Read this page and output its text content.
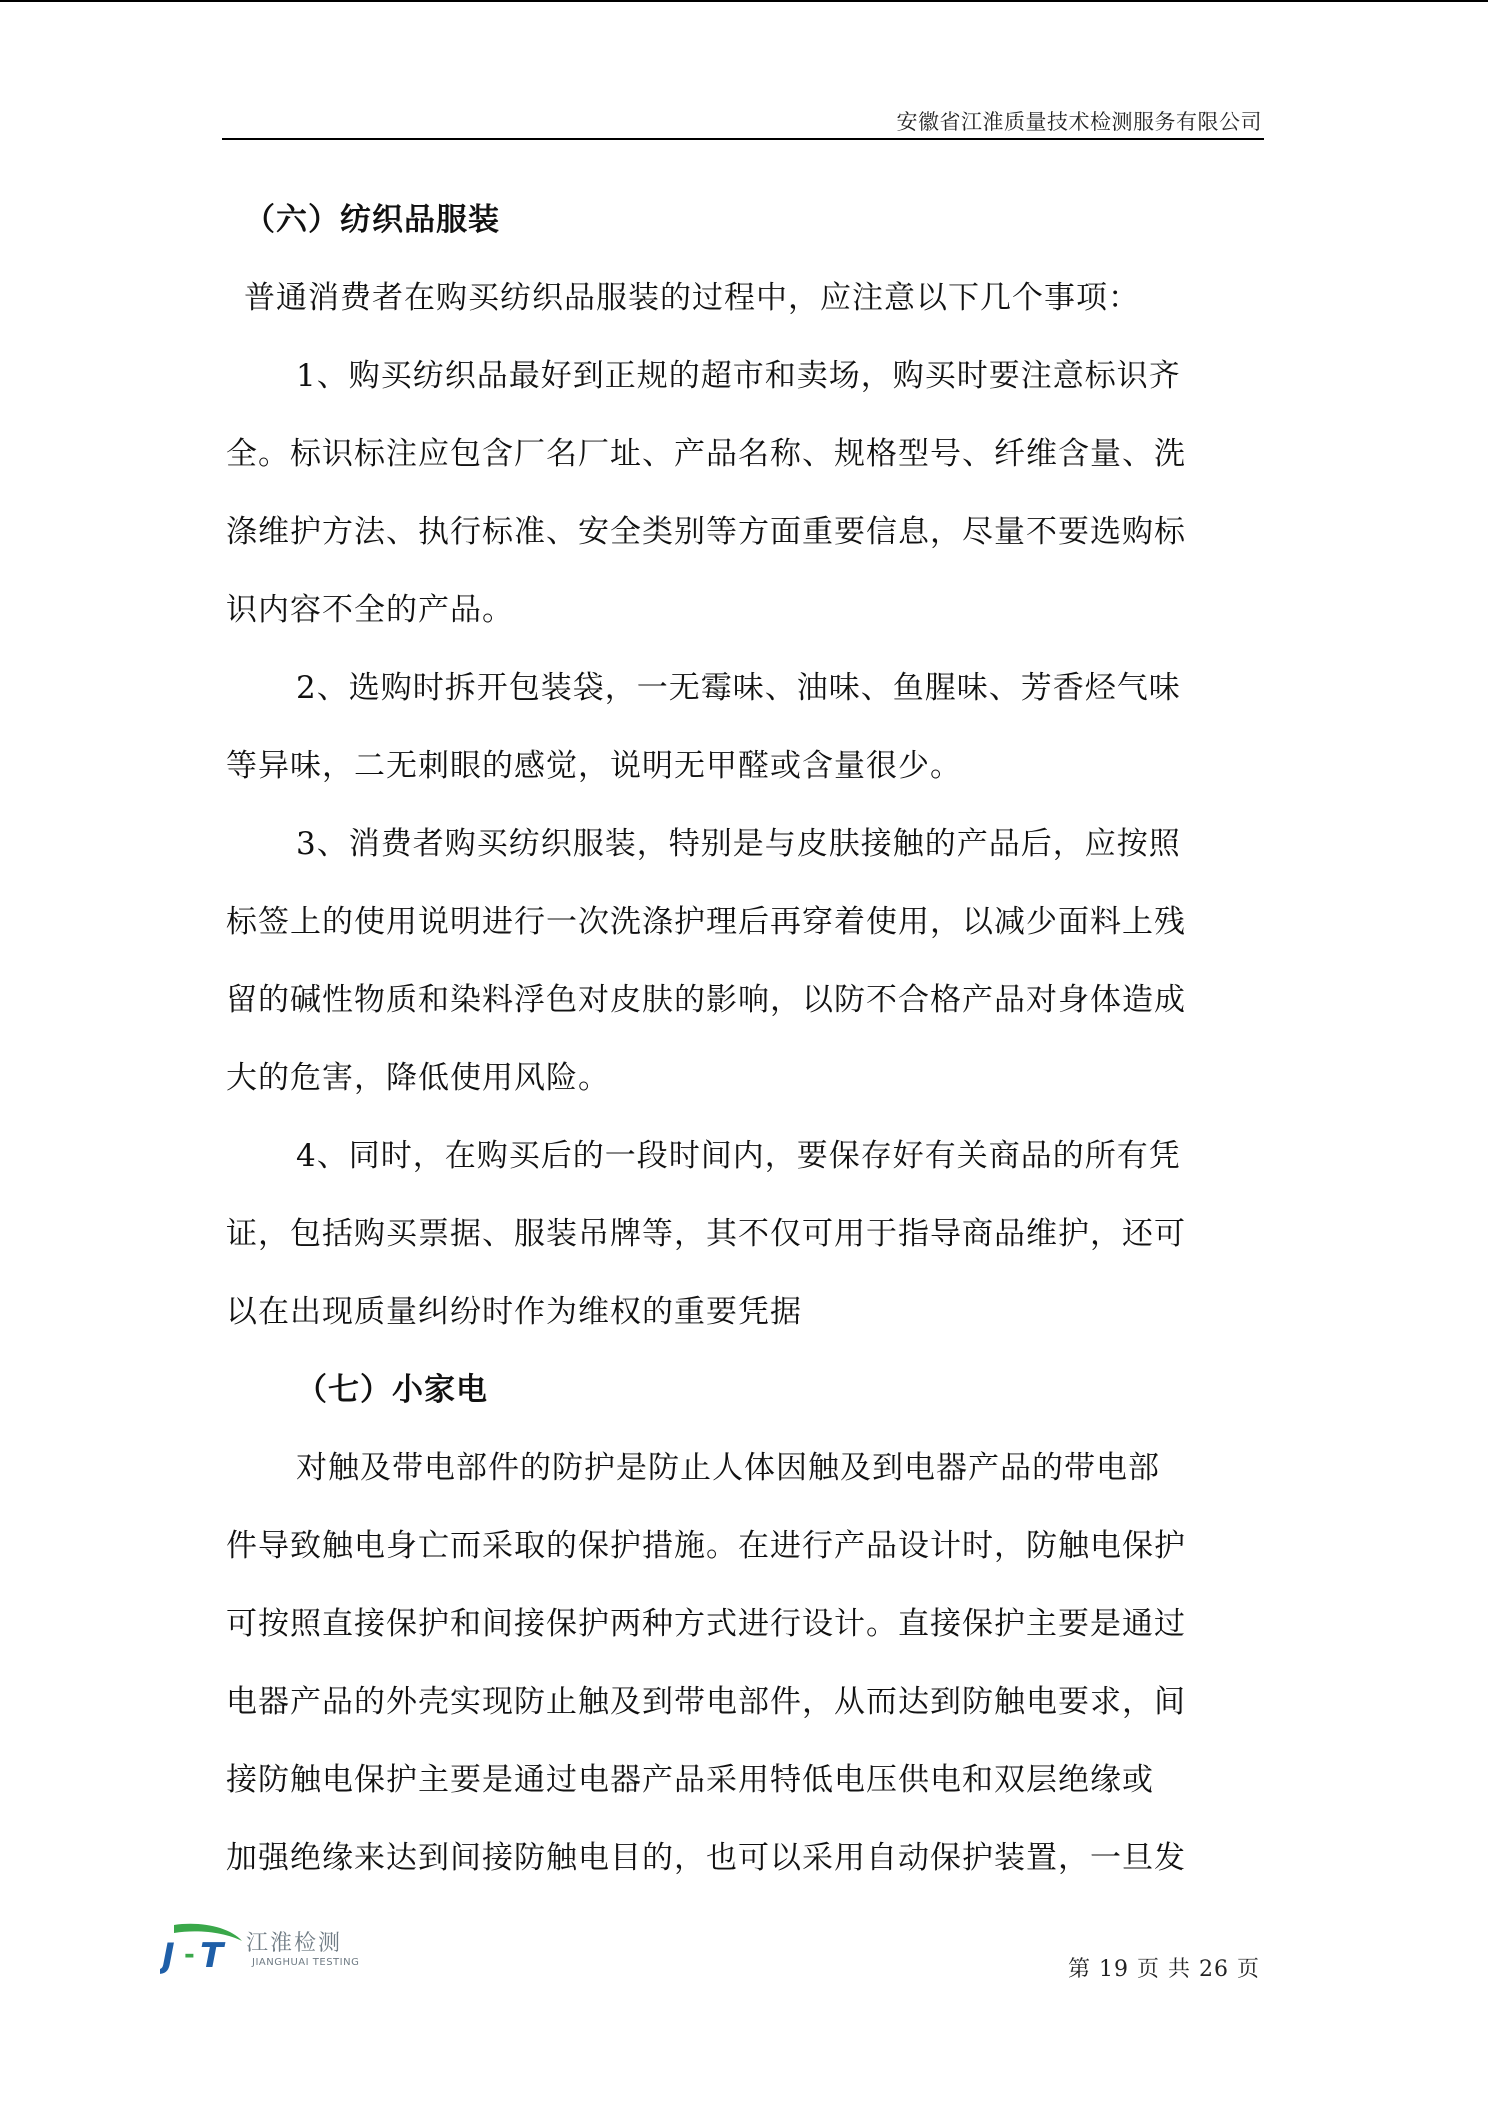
安徽省江淮质量技术检测服务有限公司
（六）纺织品服装
普通消费者在购买纺织品服装的过程中，应注意以下几个事项：
1、购买纺织品最好到正规的超市和卖场，购买时要注意标识齐
全。标识标注应包含厂名厂址、产品名称、规格型号、纤维含量、洗
涤维护方法、执行标准、安全类别等方面重要信息，尽量不要选购标
识内容不全的产品。
2、选购时拆开包装袋，一无霉味、油味、鱼腥味、芳香烃气味
等异味，二无刺眼的感觉，说明无甲醛或含量很少。
3、消费者购买纺织服装，特别是与皮肤接触的产品后，应按照
标签上的使用说明进行一次洗涤护理后再穿着使用，以减少面料上残
留的碱性物质和染料浮色对皮肤的影响，以防不合格产品对身体造成
大的危害，降低使用风险。
4、同时，在购买后的一段时间内，要保存好有关商品的所有凭
证，包括购买票据、服装吊牌等，其不仅可用于指导商品维护，还可
以在出现质量纠纷时作为维权的重要凭据
（七）小家电
对触及带电部件的防护是防止人体因触及到电器产品的带电部
件导致触电身亡而采取的保护措施。在进行产品设计时，防触电保护
可按照直接保护和间接保护两种方式进行设计。直接保护主要是通过
电器产品的外壳实现防止触及到带电部件，从而达到防触电要求，间
接防触电保护主要是通过电器产品采用特低电压供电和双层绝缘或
加强绝缘来达到间接防触电目的，也可以采用自动保护装置，一旦发
J - T 江淮检测
JIANGHUAI TESTING	第 19 页 共 26 页
